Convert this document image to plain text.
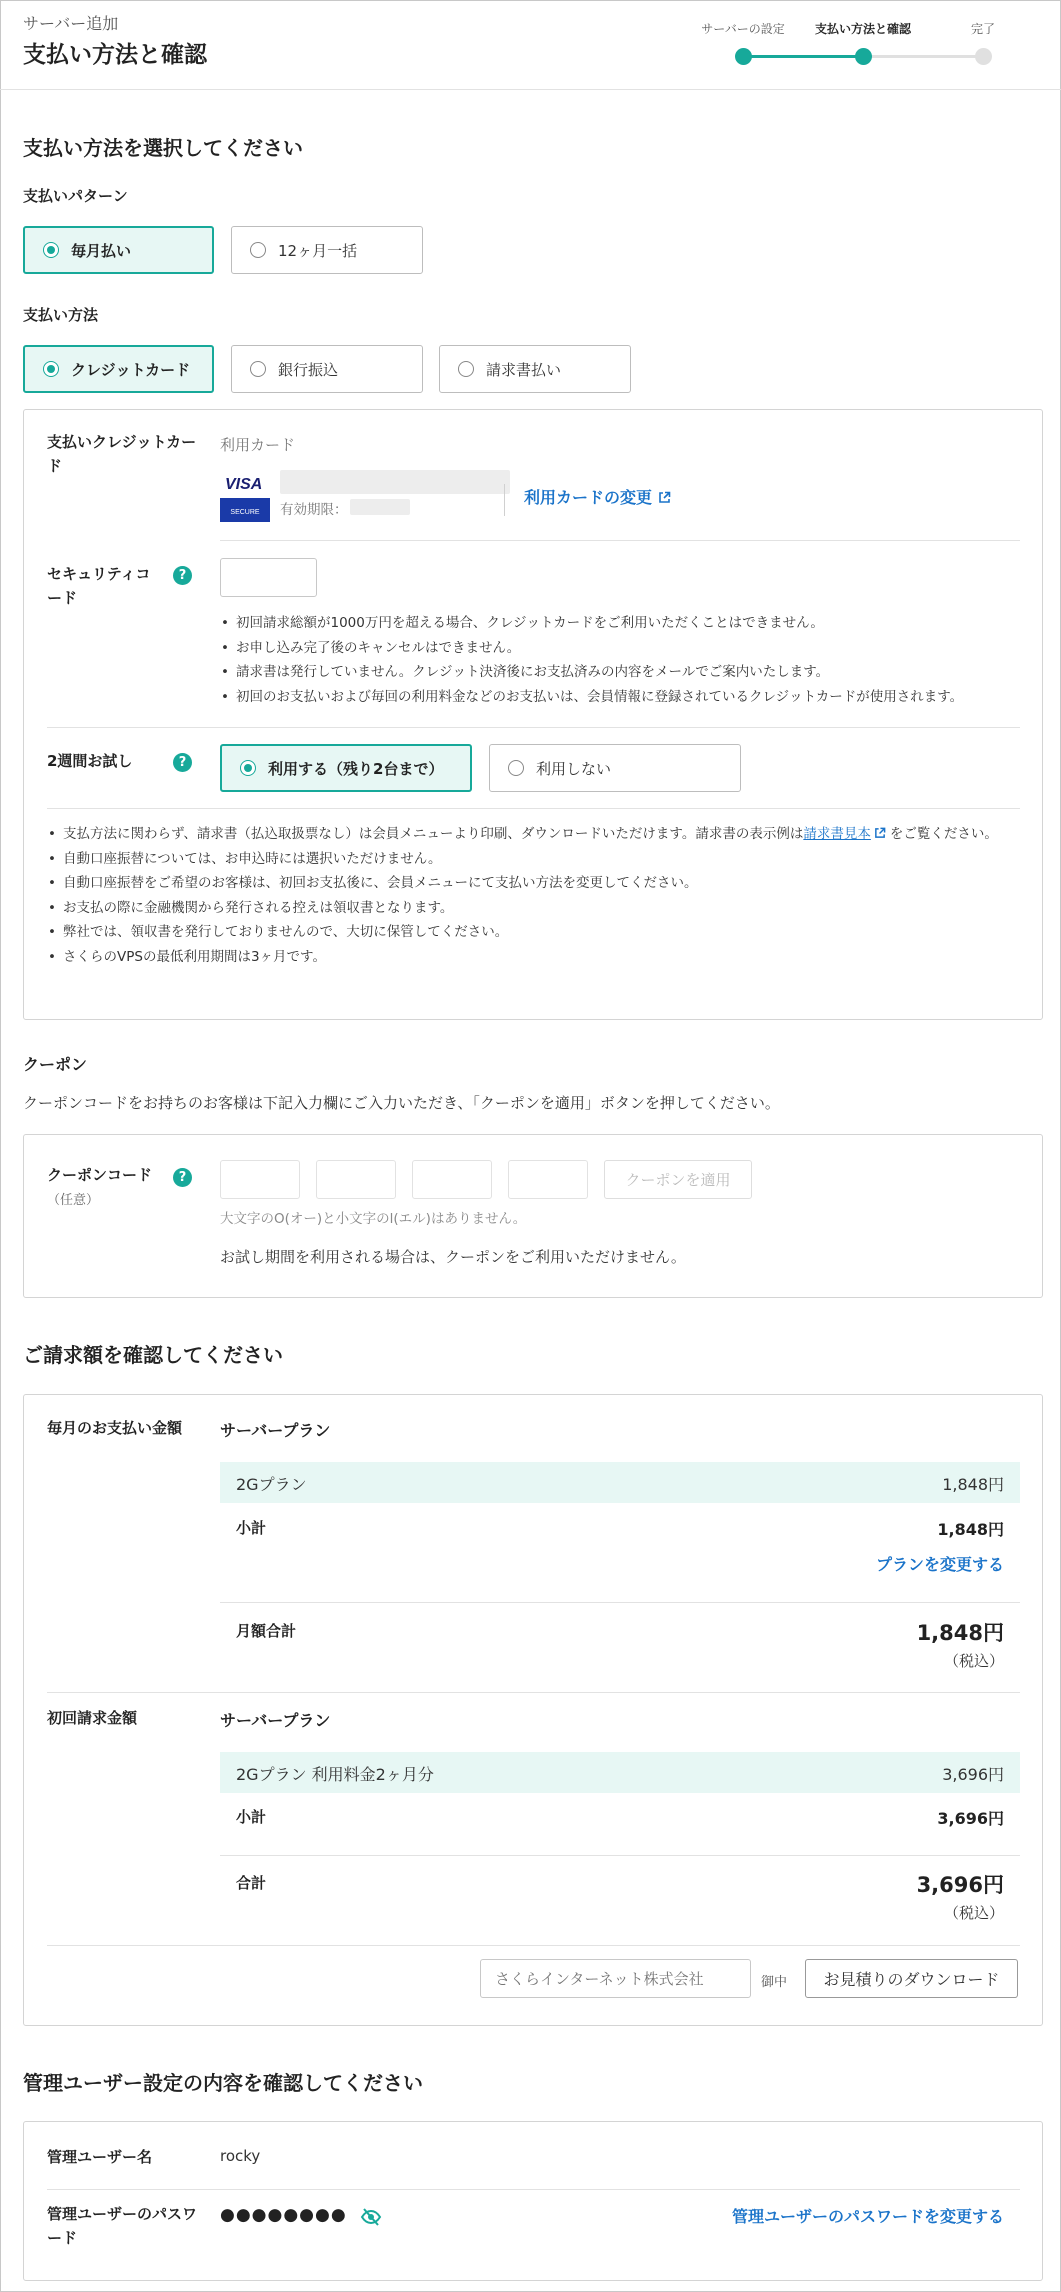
サーバー追加
支払い方法と確認
サーバーの設定	支払い方法と確認	完了
支払い方法を選択してください
支払いパターン
毎月払い	12ヶ月一括
支払い方法
クレジットカード	銀行振込	請求書払い
支払いクレジットカード
利用カード
VISA
SECURE 有効期限：
利用カードの変更
セキュリティコード
?
• 初回請求総額が1000万円を超える場合、クレジットカードをご利用いただくことはできません。
• お申し込み完了後のキャンセルはできません。
• 請求書は発行していません。クレジット決済後にお支払済みの内容をメールでご案内いたします。
• 初回のお支払いおよび毎回の利用料金などのお支払いは、会員情報に登録されているクレジットカードが使用されます。
2週間お試し	?	利用する（残り2台まで）	利用しない
• 支払方法に関わらず、請求書（払込取扱票なし）は会員メニューより印刷、ダウンロードいただけます。請求書の表示例は請求書見本 をご覧ください。
• 自動口座振替については、お申込時には選択いただけません。
• 自動口座振替をご希望のお客様は、初回お支払後に、会員メニューにて支払い方法を変更してください。
• お支払の際に金融機関から発行される控えは領収書となります。
• 弊社では、領収書を発行しておりませんので、大切に保管してください。
• さくらのVPSの最低利用期間は3ヶ月です。
クーポン
クーポンコードをお持ちのお客様は下記入力欄にご入力いただき、「クーポンを適用」ボタンを押してください。
クーポンコード（任意）
?	クーポンを適用
大文字のO(オー)と小文字のl(エル)はありません。
お試し期間を利用される場合は、クーポンをご利用いただけません。
ご請求額を確認してください
毎月のお支払い金額 サーバープラン
2Gプラン	1,848円
小計	1,848円
プランを変更する
月額合計	1,848円
（税込）
初回請求金額	サーバープラン
2Gプラン 利用料金2ヶ月分	3,696円
小計	3,696円
合計	3,696円
（税込）
さくらインターネット株式会社
御中	お見積りのダウンロード
管理ユーザー設定の内容を確認してください
管理ユーザー名	rocky
管理ユーザーのパスワード
●●●●●●●●	管理ユーザーのパスワードを変更する
